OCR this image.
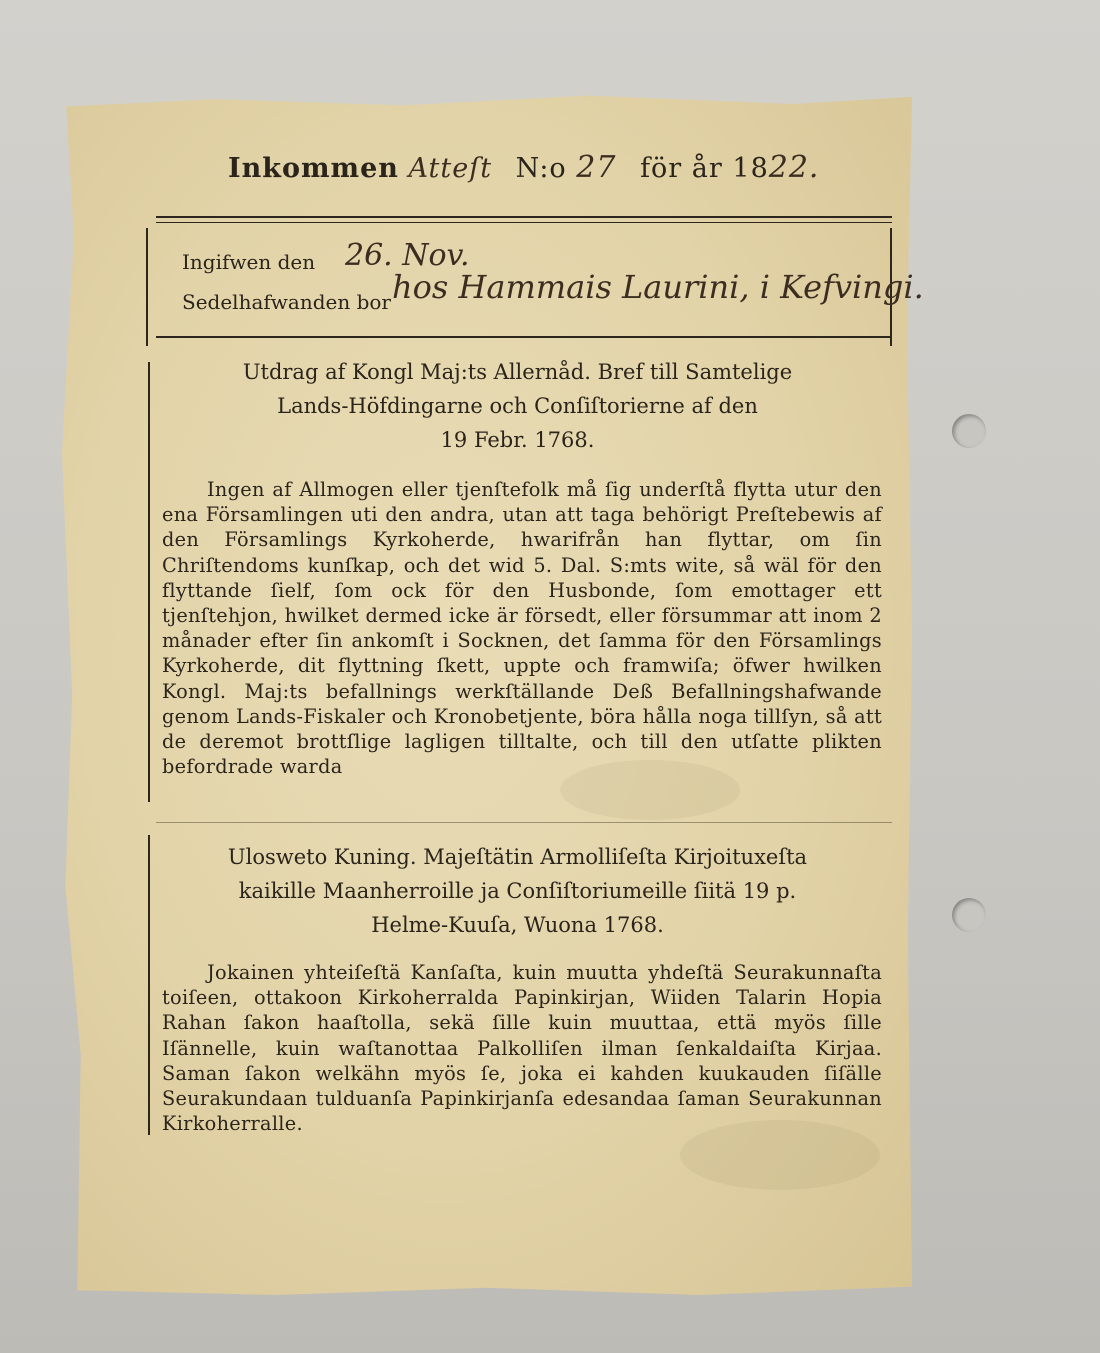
Inkommen Atteſt N:o 27 för år 1822.
Ingifwen den 26. Nov.
Sedelhafwanden bor hos Hammais Laurini, i Kefvingi.
Utdrag af Kongl Maj:ts Allernåd. Bref till Samtelige
Lands-Höfdingarne och Conſiſtorierne af den
19 Febr. 1768.
Ingen af Allmogen eller tjenſtefolk må ſig underſtå flytta utur den ena Församlingen uti den andra, utan att taga behörigt Preſtebewis af den Församlings Kyrkoherde, hwarifrån han flyttar, om ſin Chriſtendoms kunſkap, och det wid 5. Dal. S:mts wite, så wäl för den flyttande ſielf, ſom ock för den Husbonde, ſom emottager ett tjenſtehjon, hwilket dermed icke är försedt, eller försummar att inom 2 månader efter ſin ankomſt i Socknen, det ſamma för den Församlings Kyrkoherde, dit flyttning ſkett, uppte och framwiſa; öfwer hwilken Kongl. Maj:ts befallnings werkſtällande Deß Befallningshafwande genom Lands-Fiskaler och Kronobetjente, böra hålla noga tillſyn, så att de deremot brottſlige lagligen tilltalte, och till den utſatte plikten befordrade warda
Ulosweto Kuning. Majeſtätin Armolliſeſta Kirjoituxeſta
kaikille Maanherroille ja Conſiſtoriumeille ſiitä 19 p.
Helme-Kuuſa, Wuona 1768.
Jokainen yhteiſeſtä Kanſaſta, kuin muutta yhdeſtä Seurakunnaſta toiſeen, ottakoon Kirkoherralda Papinkirjan, Wiiden Talarin Hopia Rahan ſakon haaſtolla, sekä ſille kuin muuttaa, että myös ſille Iſännelle, kuin waſtanottaa Palkolliſen ilman ſenkaldaiſta Kirjaa. Saman ſakon welkähn myös ſe, joka ei kahden kuukauden ſiſälle Seurakundaan tulduanſa Papinkirjanſa edesandaa ſaman Seurakunnan Kirkoherralle.
